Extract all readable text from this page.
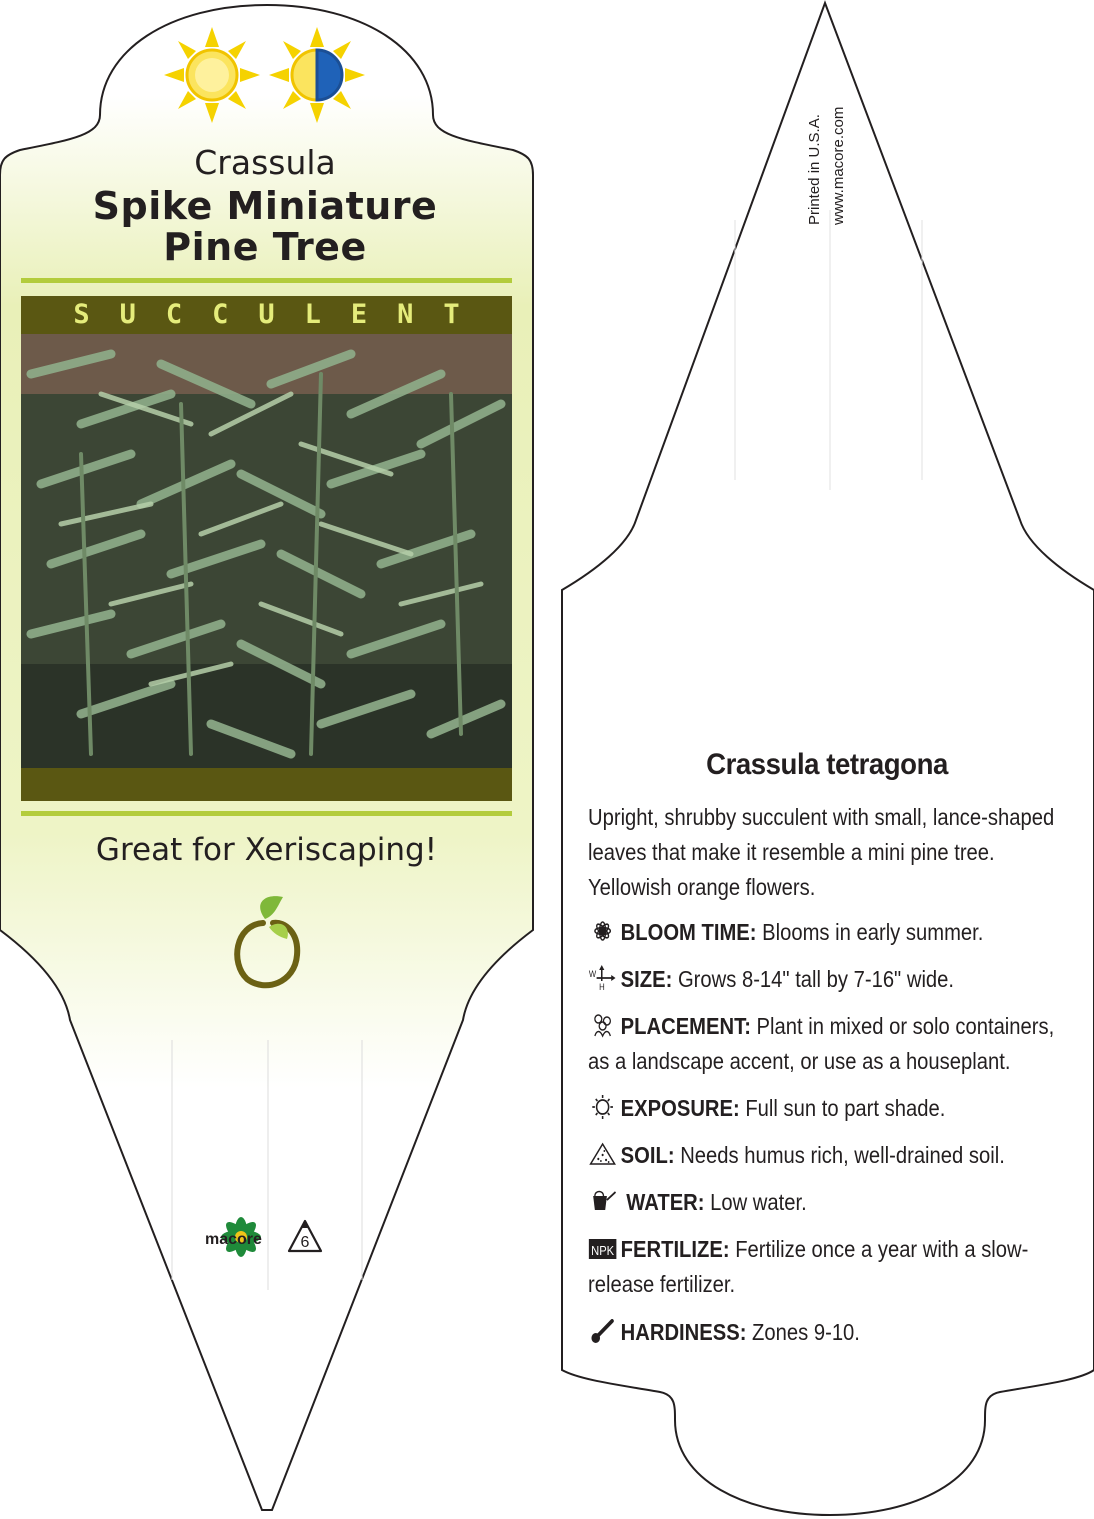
Crassula
Spike Miniature
Pine Tree
SUCCULENT
Great for Xeriscaping!
macore 6
Printed in U.S.A. www.macore.com
Crassula tetragona
Upright, shrubby succulent with small, lance-shaped leaves that make it resemble a mini pine tree. Yellowish orange flowers.
BLOOM TIME: Blooms in early summer.
W
H SIZE: Grows 8-14" tall by 7-16" wide.
PLACEMENT: Plant in mixed or solo containers, as a landscape accent, or use as a houseplant.
EXPOSURE: Full sun to part shade.
SOIL: Needs humus rich, well-drained soil.
WATER: Low water.
NPK FERTILIZE: Fertilize once a year with a slow-release fertilizer.
HARDINESS: Zones 9-10.
